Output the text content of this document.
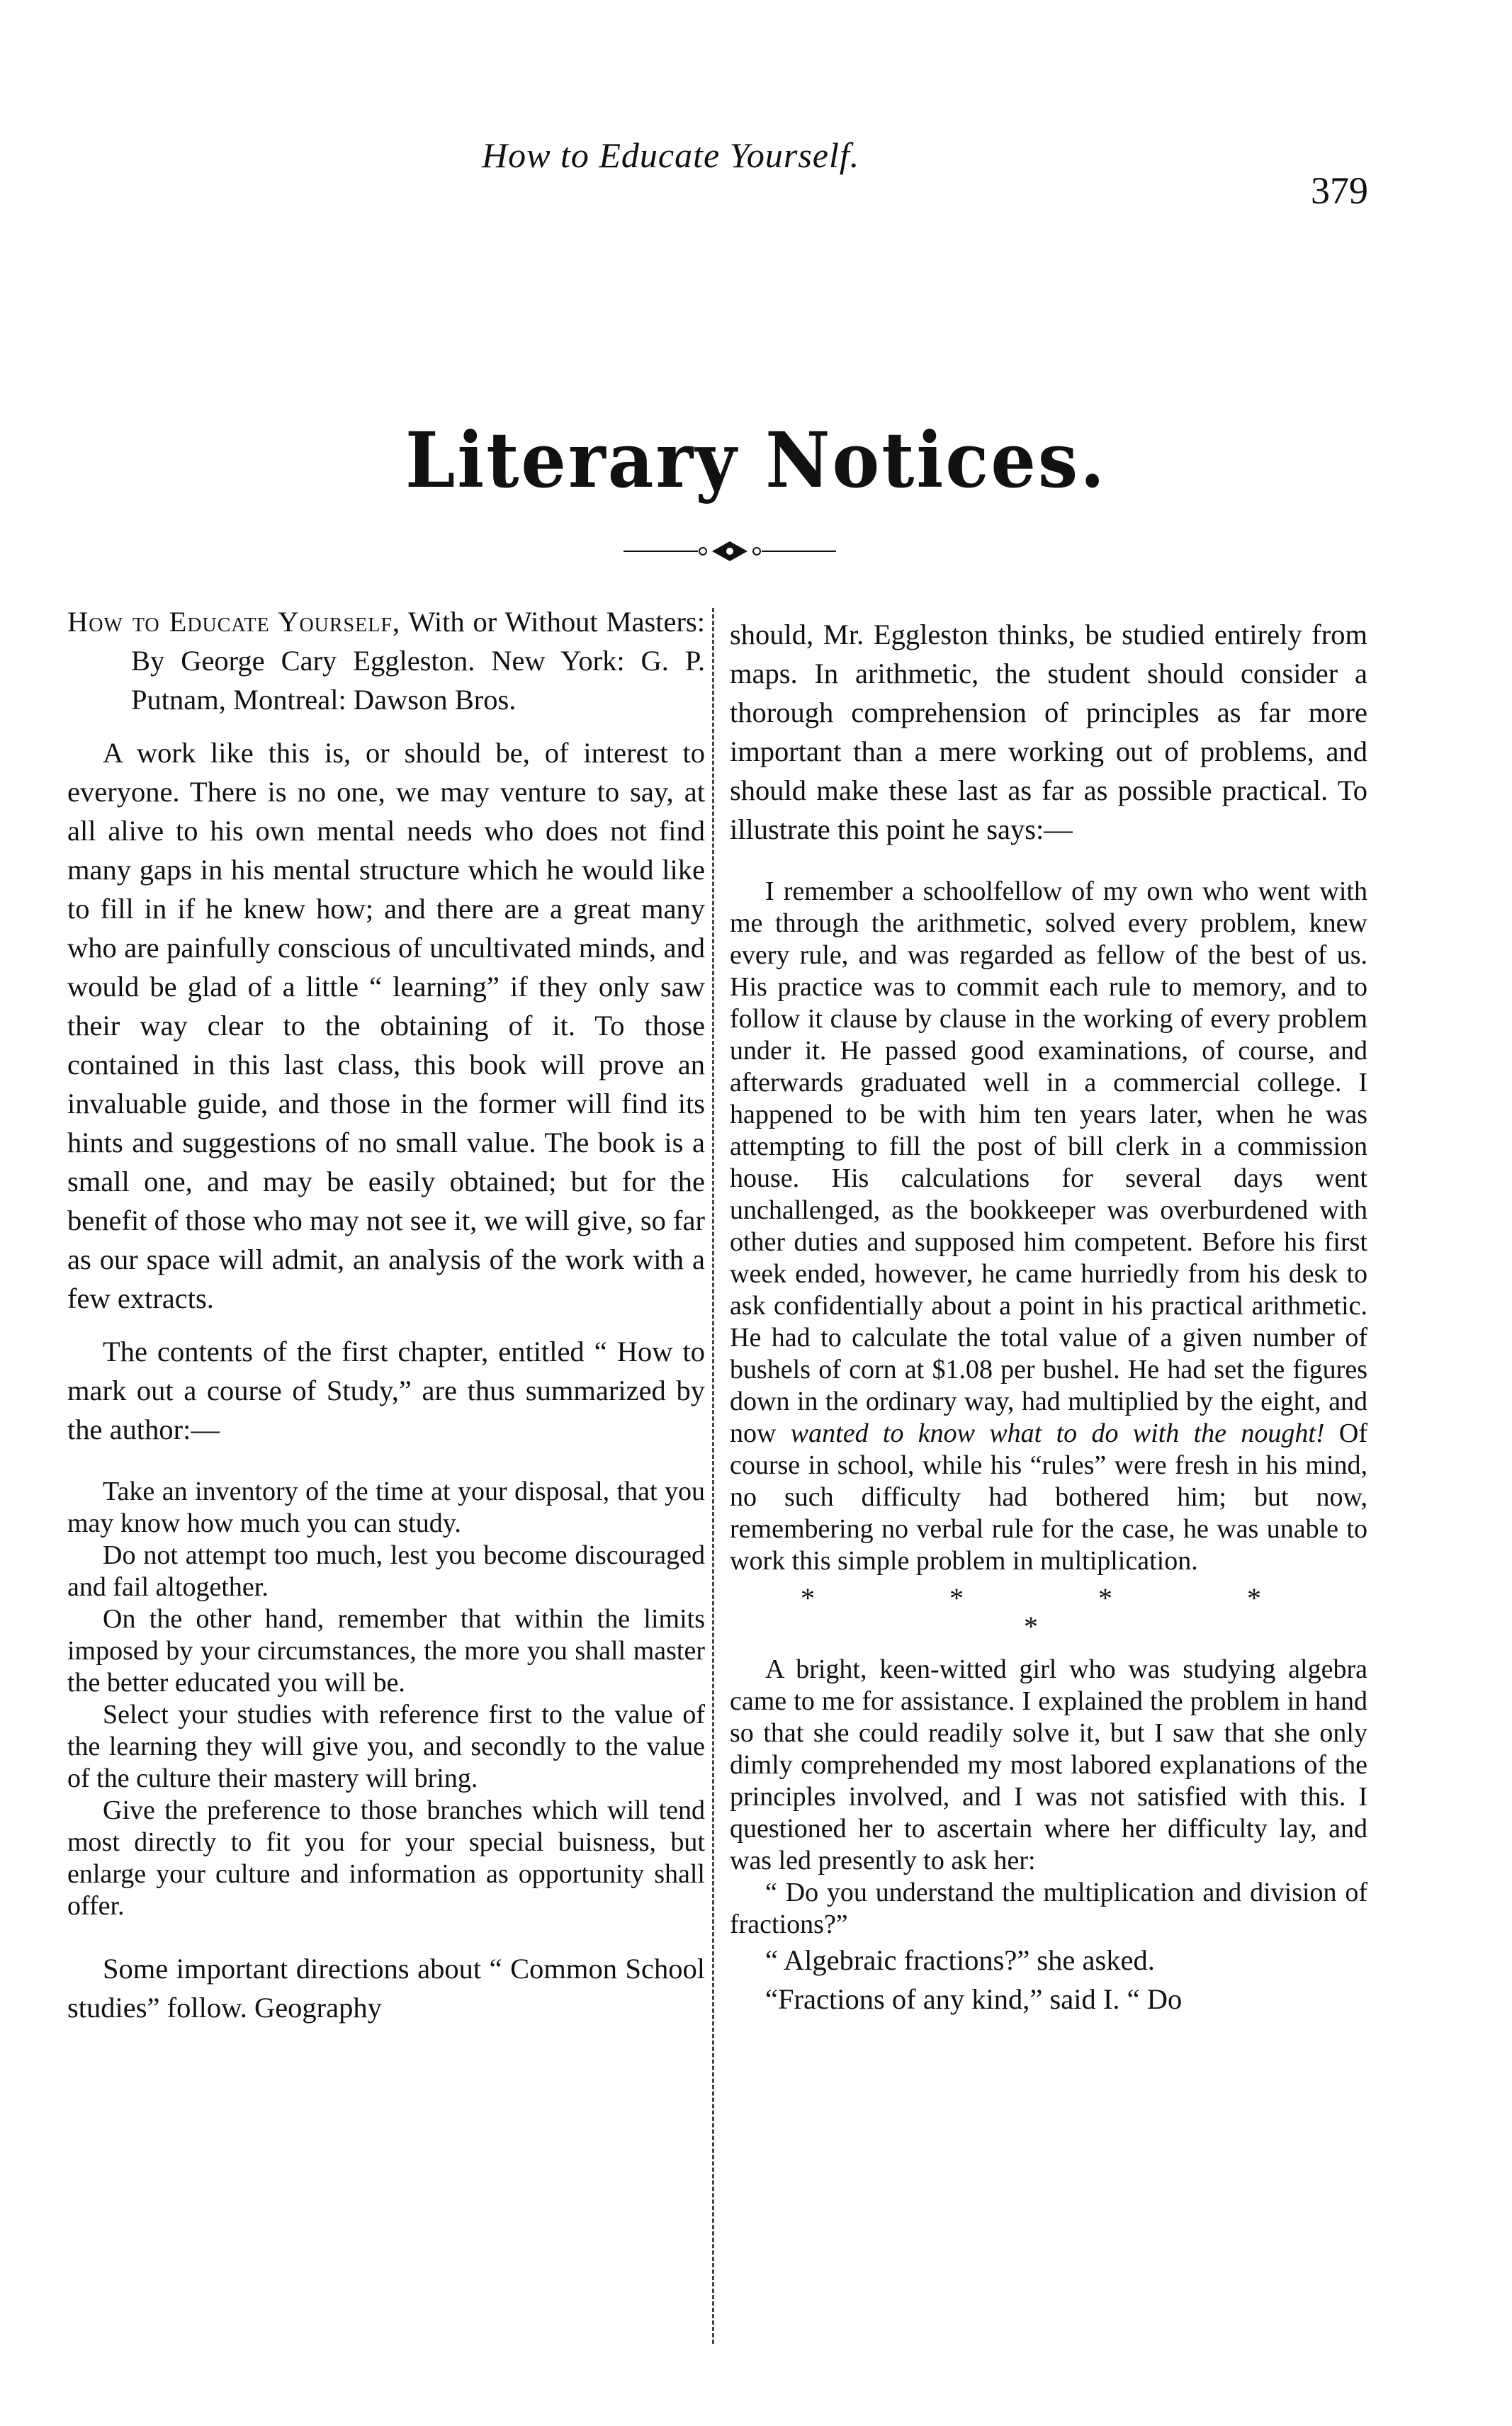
How to Educate Yourself.
379
Literary Notices.

How to Educate Yourself, With or Without Masters: By George Cary Eggleston. New York: G. P. Putnam, Montreal: Dawson Bros.

A work like this is, or should be, of interest to everyone. There is no one, we may venture to say, at all alive to his own mental needs who does not find many gaps in his mental structure which he would like to fill in if he knew how; and there are a great many who are painfully conscious of uncultivated minds, and would be glad of a little “ learning” if they only saw their way clear to the obtaining of it. To those contained in this last class, this book will prove an invaluable guide, and those in the former will find its hints and suggestions of no small value. The book is a small one, and may be easily obtained; but for the benefit of those who may not see it, we will give, so far as our space will admit, an analysis of the work with a few extracts.

The contents of the first chapter, entitled “ How to mark out a course of Study,” are thus summarized by the author:—

Take an inventory of the time at your disposal, that you may know how much you can study.

Do not attempt too much, lest you become discouraged and fail altogether.

On the other hand, remember that within the limits imposed by your circumstances, the more you shall master the better educated you will be.

Select your studies with reference first to the value of the learning they will give you, and secondly to the value of the culture their mastery will bring.

Give the preference to those branches which will tend most directly to fit you for your special buisness, but enlarge your culture and information as opportunity shall offer.

Some important directions about “ Common School studies” follow. Geography

should, Mr. Eggleston thinks, be studied entirely from maps. In arithmetic, the student should consider a thorough comprehension of principles as far more important than a mere working out of problems, and should make these last as far as possible practical. To illustrate this point he says:—

I remember a schoolfellow of my own who went with me through the arithmetic, solved every problem, knew every rule, and was regarded as fellow of the best of us. His practice was to commit each rule to memory, and to follow it clause by clause in the working of every problem under it. He passed good examinations, of course, and afterwards graduated well in a commercial college. I happened to be with him ten years later, when he was attempting to fill the post of bill clerk in a commission house. His calculations for several days went unchallenged, as the bookkeeper was overburdened with other duties and supposed him competent. Before his first week ended, however, he came hurriedly from his desk to ask confidentially about a point in his practical arithmetic. He had to calculate the total value of a given number of bushels of corn at $1.08 per bushel. He had set the figures down in the ordinary way, had multiplied by the eight, and now wanted to know what to do with the nought! Of course in school, while his “rules” were fresh in his mind, no such difficulty had bothered him; but now, remembering no verbal rule for the case, he was unable to work this simple problem in multiplication.

* * * * *

A bright, keen-witted girl who was studying algebra came to me for assistance. I explained the problem in hand so that she could readily solve it, but I saw that she only dimly comprehended my most labored explanations of the principles involved, and I was not satisfied with this. I questioned her to ascertain where her difficulty lay, and was led presently to ask her:

“ Do you understand the multiplication and division of fractions?”

“ Algebraic fractions?” she asked.

“Fractions of any kind,” said I. “ Do
